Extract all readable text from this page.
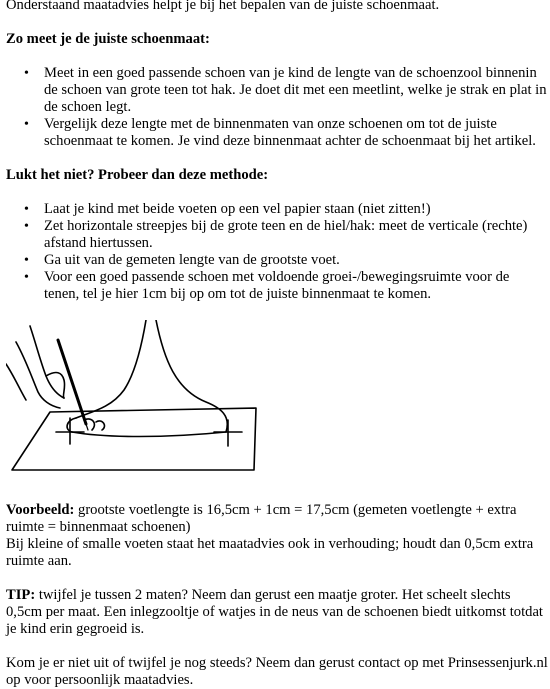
Onderstaand maatadvies helpt je bij het bepalen van de juiste schoenmaat.

Zo meet je de juiste schoenmaat:
• Meet in een goed passende schoen van je kind de lengte van de schoenzool binnenin de schoen van grote teen tot hak. Je doet dit met een meetlint, welke je strak en plat in de schoen legt.
• Vergelijk deze lengte met de binnenmaten van onze schoenen om tot de juiste schoenmaat te komen. Je vind deze binnenmaat achter de schoenmaat bij het artikel.
Lukt het niet? Probeer dan deze methode:
• Laat je kind met beide voeten op een vel papier staan (niet zitten!)
• Zet horizontale streepjes bij de grote teen en de hiel/hak: meet de verticale (rechte) afstand hiertussen.
• Ga uit van de gemeten lengte van de grootste voet.
• Voor een goed passende schoen met voldoende groei-/bewegingsruimte voor de tenen, tel je hier 1cm bij op om tot de juiste binnenmaat te komen.

Voorbeeld: grootste voetlengte is 16,5cm + 1cm = 17,5cm (gemeten voetlengte + extra ruimte = binnenmaat schoenen)

Bij kleine of smalle voeten staat het maatadvies ook in verhouding; houdt dan 0,5cm extra ruimte aan.

TIP: twijfel je tussen 2 maten? Neem dan gerust een maatje groter. Het scheelt slechts 0,5cm per maat. Een inlegzooltje of watjes in de neus van de schoenen biedt uitkomst totdat je kind erin gegroeid is.

Kom je er niet uit of twijfel je nog steeds? Neem dan gerust contact op met Prinsessenjurk.nl op voor persoonlijk maatadvies.
